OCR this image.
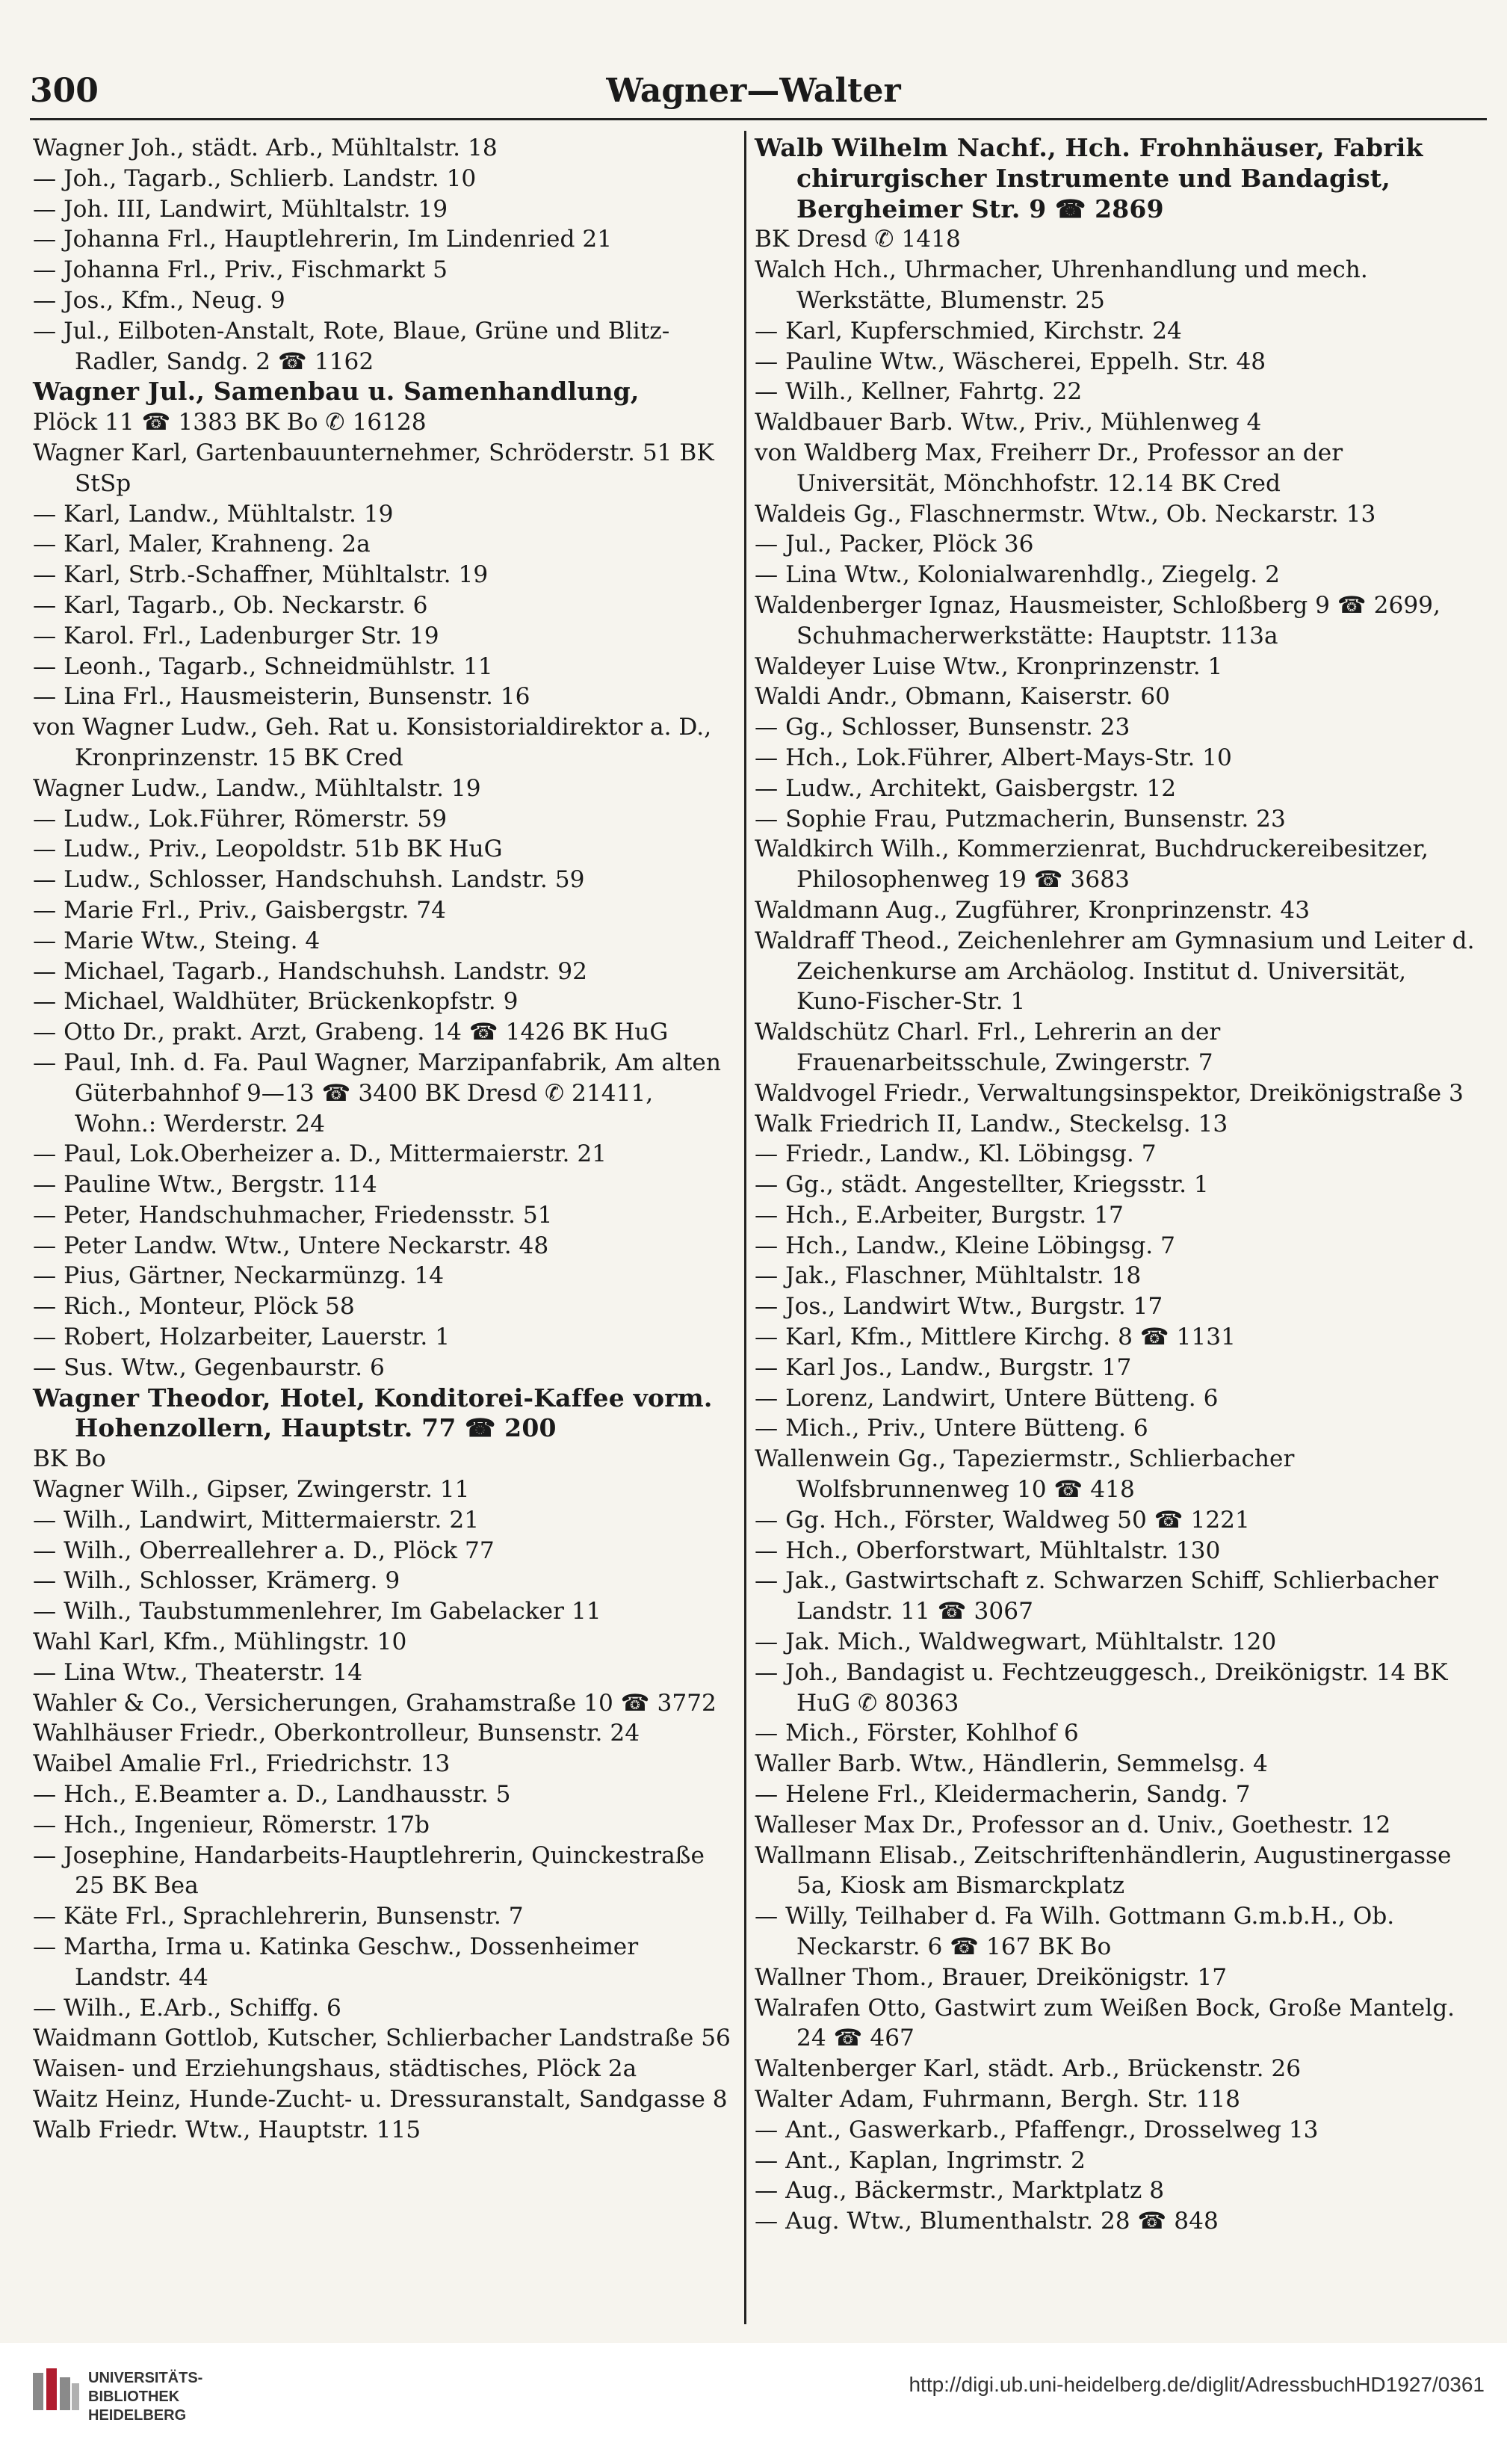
300	Wagner—Walter
Wagner Joh., städt. Arb., Mühltalstr. 18
— Joh., Tagarb., Schlierb. Landstr. 10
— Joh. III, Landwirt, Mühltalstr. 19
— Johanna Frl., Hauptlehrerin, Im Lindenried 21
— Johanna Frl., Priv., Fischmarkt 5
— Jos., Kfm., Neug. 9
— Jul., Eilboten-Anstalt, Rote, Blaue, Grüne und Blitz-Radler, Sandg. 2 ☎ 1162
Wagner Jul., Samenbau u. Samenhandlung,
Plöck 11 ☎ 1383 BK Bo ✆ 16128
Wagner Karl, Gartenbauunternehmer, Schröderstr. 51 BK StSp
— Karl, Landw., Mühltalstr. 19
— Karl, Maler, Krahneng. 2a
— Karl, Strb.-Schaffner, Mühltalstr. 19
— Karl, Tagarb., Ob. Neckarstr. 6
— Karol. Frl., Ladenburger Str. 19
— Leonh., Tagarb., Schneidmühlstr. 11
— Lina Frl., Hausmeisterin, Bunsenstr. 16
von Wagner Ludw., Geh. Rat u. Konsistorialdirektor a. D., Kronprinzenstr. 15 BK Cred
Wagner Ludw., Landw., Mühltalstr. 19
— Ludw., Lok.Führer, Römerstr. 59
— Ludw., Priv., Leopoldstr. 51b BK HuG
— Ludw., Schlosser, Handschuhsh. Landstr. 59
— Marie Frl., Priv., Gaisbergstr. 74
— Marie Wtw., Steing. 4
— Michael, Tagarb., Handschuhsh. Landstr. 92
— Michael, Waldhüter, Brückenkopfstr. 9
— Otto Dr., prakt. Arzt, Grabeng. 14 ☎ 1426 BK HuG
— Paul, Inh. d. Fa. Paul Wagner, Marzipanfabrik, Am alten Güterbahnhof 9—13 ☎ 3400 BK Dresd ✆ 21411, Wohn.: Werderstr. 24
— Paul, Lok.Oberheizer a. D., Mittermaierstr. 21
— Pauline Wtw., Bergstr. 114
— Peter, Handschuhmacher, Friedensstr. 51
— Peter Landw. Wtw., Untere Neckarstr. 48
— Pius, Gärtner, Neckarmünzg. 14
— Rich., Monteur, Plöck 58
— Robert, Holzarbeiter, Lauerstr. 1
— Sus. Wtw., Gegenbaurstr. 6
Wagner Theodor, Hotel, Konditorei-Kaffee vorm. Hohenzollern, Hauptstr. 77 ☎ 200
BK Bo
Wagner Wilh., Gipser, Zwingerstr. 11
— Wilh., Landwirt, Mittermaierstr. 21
— Wilh., Oberreallehrer a. D., Plöck 77
— Wilh., Schlosser, Krämerg. 9
— Wilh., Taubstummenlehrer, Im Gabelacker 11
Wahl Karl, Kfm., Mühlingstr. 10
— Lina Wtw., Theaterstr. 14
Wahler & Co., Versicherungen, Grahamstraße 10 ☎ 3772
Wahlhäuser Friedr., Oberkontrolleur, Bunsenstr. 24
Waibel Amalie Frl., Friedrichstr. 13
— Hch., E.Beamter a. D., Landhausstr. 5
— Hch., Ingenieur, Römerstr. 17b
— Josephine, Handarbeits-Hauptlehrerin, Quinckestraße 25 BK Bea
— Käte Frl., Sprachlehrerin, Bunsenstr. 7
— Martha, Irma u. Katinka Geschw., Dossenheimer Landstr. 44
— Wilh., E.Arb., Schiffg. 6
Waidmann Gottlob, Kutscher, Schlierbacher Landstraße 56
Waisen- und Erziehungshaus, städtisches, Plöck 2a
Waitz Heinz, Hunde-Zucht- u. Dressuranstalt, Sandgasse 8
Walb Friedr. Wtw., Hauptstr. 115
Walb Wilhelm Nachf., Hch. Frohnhäuser, Fabrik chirurgischer Instrumente und Bandagist, Bergheimer Str. 9 ☎ 2869
BK Dresd ✆ 1418
Walch Hch., Uhrmacher, Uhrenhandlung und mech. Werkstätte, Blumenstr. 25
— Karl, Kupferschmied, Kirchstr. 24
— Pauline Wtw., Wäscherei, Eppelh. Str. 48
— Wilh., Kellner, Fahrtg. 22
Waldbauer Barb. Wtw., Priv., Mühlenweg 4
von Waldberg Max, Freiherr Dr., Professor an der Universität, Mönchhofstr. 12.14 BK Cred
Waldeis Gg., Flaschnermstr. Wtw., Ob. Neckarstr. 13
— Jul., Packer, Plöck 36
— Lina Wtw., Kolonialwarenhdlg., Ziegelg. 2
Waldenberger Ignaz, Hausmeister, Schloßberg 9 ☎ 2699, Schuhmacherwerkstätte: Hauptstr. 113a
Waldeyer Luise Wtw., Kronprinzenstr. 1
Waldi Andr., Obmann, Kaiserstr. 60
— Gg., Schlosser, Bunsenstr. 23
— Hch., Lok.Führer, Albert-Mays-Str. 10
— Ludw., Architekt, Gaisbergstr. 12
— Sophie Frau, Putzmacherin, Bunsenstr. 23
Waldkirch Wilh., Kommerzienrat, Buchdruckereibesitzer, Philosophenweg 19 ☎ 3683
Waldmann Aug., Zugführer, Kronprinzenstr. 43
Waldraff Theod., Zeichenlehrer am Gymnasium und Leiter d. Zeichenkurse am Archäolog. Institut d. Universität, Kuno-Fischer-Str. 1
Waldschütz Charl. Frl., Lehrerin an der Frauenarbeitsschule, Zwingerstr. 7
Waldvogel Friedr., Verwaltungsinspektor, Dreikönigstraße 3
Walk Friedrich II, Landw., Steckelsg. 13
— Friedr., Landw., Kl. Löbingsg. 7
— Gg., städt. Angestellter, Kriegsstr. 1
— Hch., E.Arbeiter, Burgstr. 17
— Hch., Landw., Kleine Löbingsg. 7
— Jak., Flaschner, Mühltalstr. 18
— Jos., Landwirt Wtw., Burgstr. 17
— Karl, Kfm., Mittlere Kirchg. 8 ☎ 1131
— Karl Jos., Landw., Burgstr. 17
— Lorenz, Landwirt, Untere Bütteng. 6
— Mich., Priv., Untere Bütteng. 6
Wallenwein Gg., Tapeziermstr., Schlierbacher Wolfsbrunnenweg 10 ☎ 418
— Gg. Hch., Förster, Waldweg 50 ☎ 1221
— Hch., Oberforstwart, Mühltalstr. 130
— Jak., Gastwirtschaft z. Schwarzen Schiff, Schlierbacher Landstr. 11 ☎ 3067
— Jak. Mich., Waldwegwart, Mühltalstr. 120
— Joh., Bandagist u. Fechtzeuggesch., Dreikönigstr. 14 BK HuG ✆ 80363
— Mich., Förster, Kohlhof 6
Waller Barb. Wtw., Händlerin, Semmelsg. 4
— Helene Frl., Kleidermacherin, Sandg. 7
Walleser Max Dr., Professor an d. Univ., Goethestr. 12
Wallmann Elisab., Zeitschriftenhändlerin, Augustinergasse 5a, Kiosk am Bismarckplatz
— Willy, Teilhaber d. Fa Wilh. Gottmann G.m.b.H., Ob. Neckarstr. 6 ☎ 167 BK Bo
Wallner Thom., Brauer, Dreikönigstr. 17
Walrafen Otto, Gastwirt zum Weißen Bock, Große Mantelg. 24 ☎ 467
Waltenberger Karl, städt. Arb., Brückenstr. 26
Walter Adam, Fuhrmann, Bergh. Str. 118
— Ant., Gaswerkarb., Pfaffengr., Drosselweg 13
— Ant., Kaplan, Ingrimstr. 2
— Aug., Bäckermstr., Marktplatz 8
— Aug. Wtw., Blumenthalstr. 28 ☎ 848
UNIVERSITÄTS-
BIBLIOTHEK
HEIDELBERG
http://digi.ub.uni-heidelberg.de/diglit/AdressbuchHD1927/0361
